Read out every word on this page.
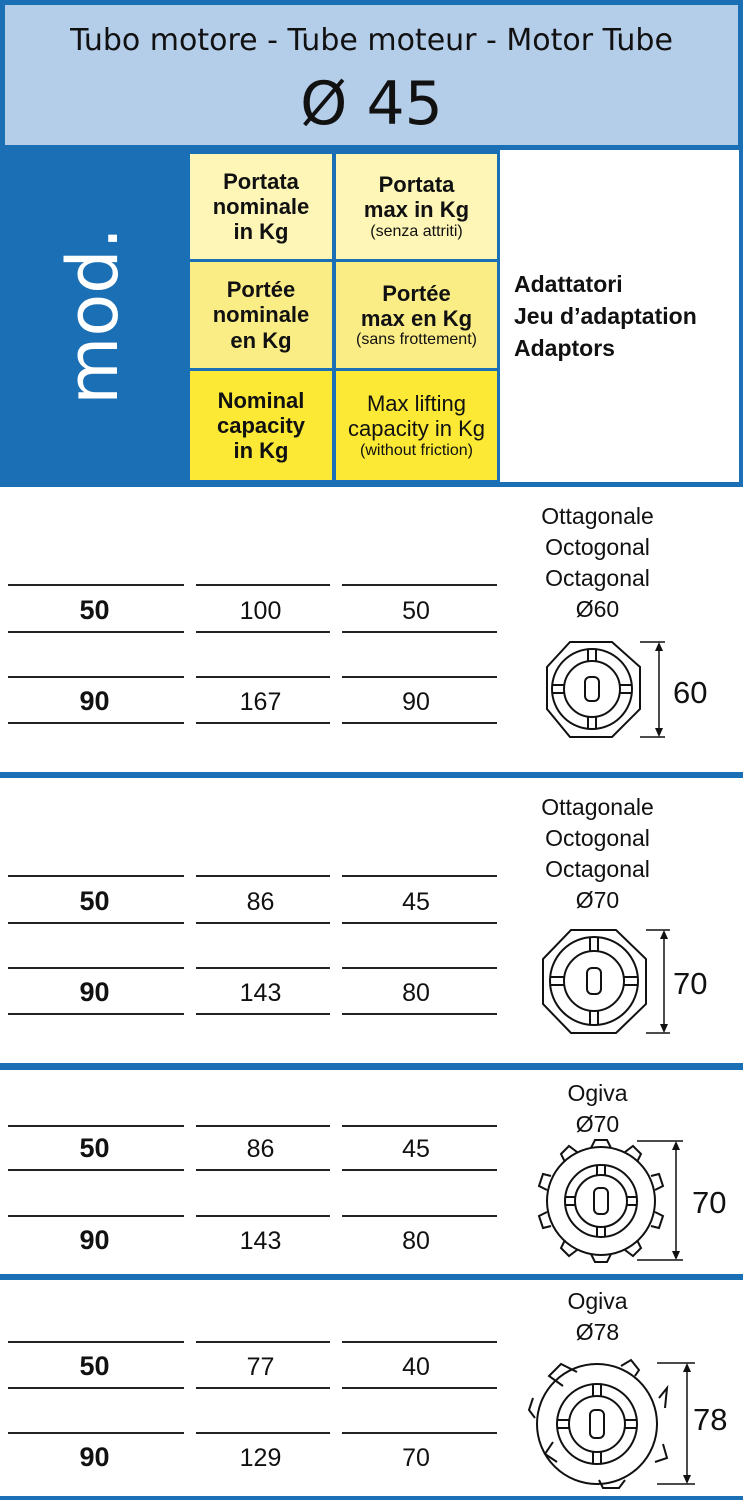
Tubo motore - Tube moteur - Motor Tube
Ø 45
mod.
Portata
nominale
in Kg
Portata
max in Kg
(senza attriti)
Portée
nominale
en Kg
Portée
max en Kg
(sans frottement)
Nominal
capacity
in Kg
Max lifting
capacity in Kg
(without friction)
Adattatori
Jeu d’adaptation
Adaptors
50	100	50
90	167	90
Ottagonale
Octogonal
Octagonal
Ø60
60
50	86	45
90	143	80
Ottagonale
Octogonal
Octagonal
Ø70
70
50	86	45
90	143	80
Ogiva
Ø70
70
50	77	40
90	129	70
Ogiva
Ø78
78
